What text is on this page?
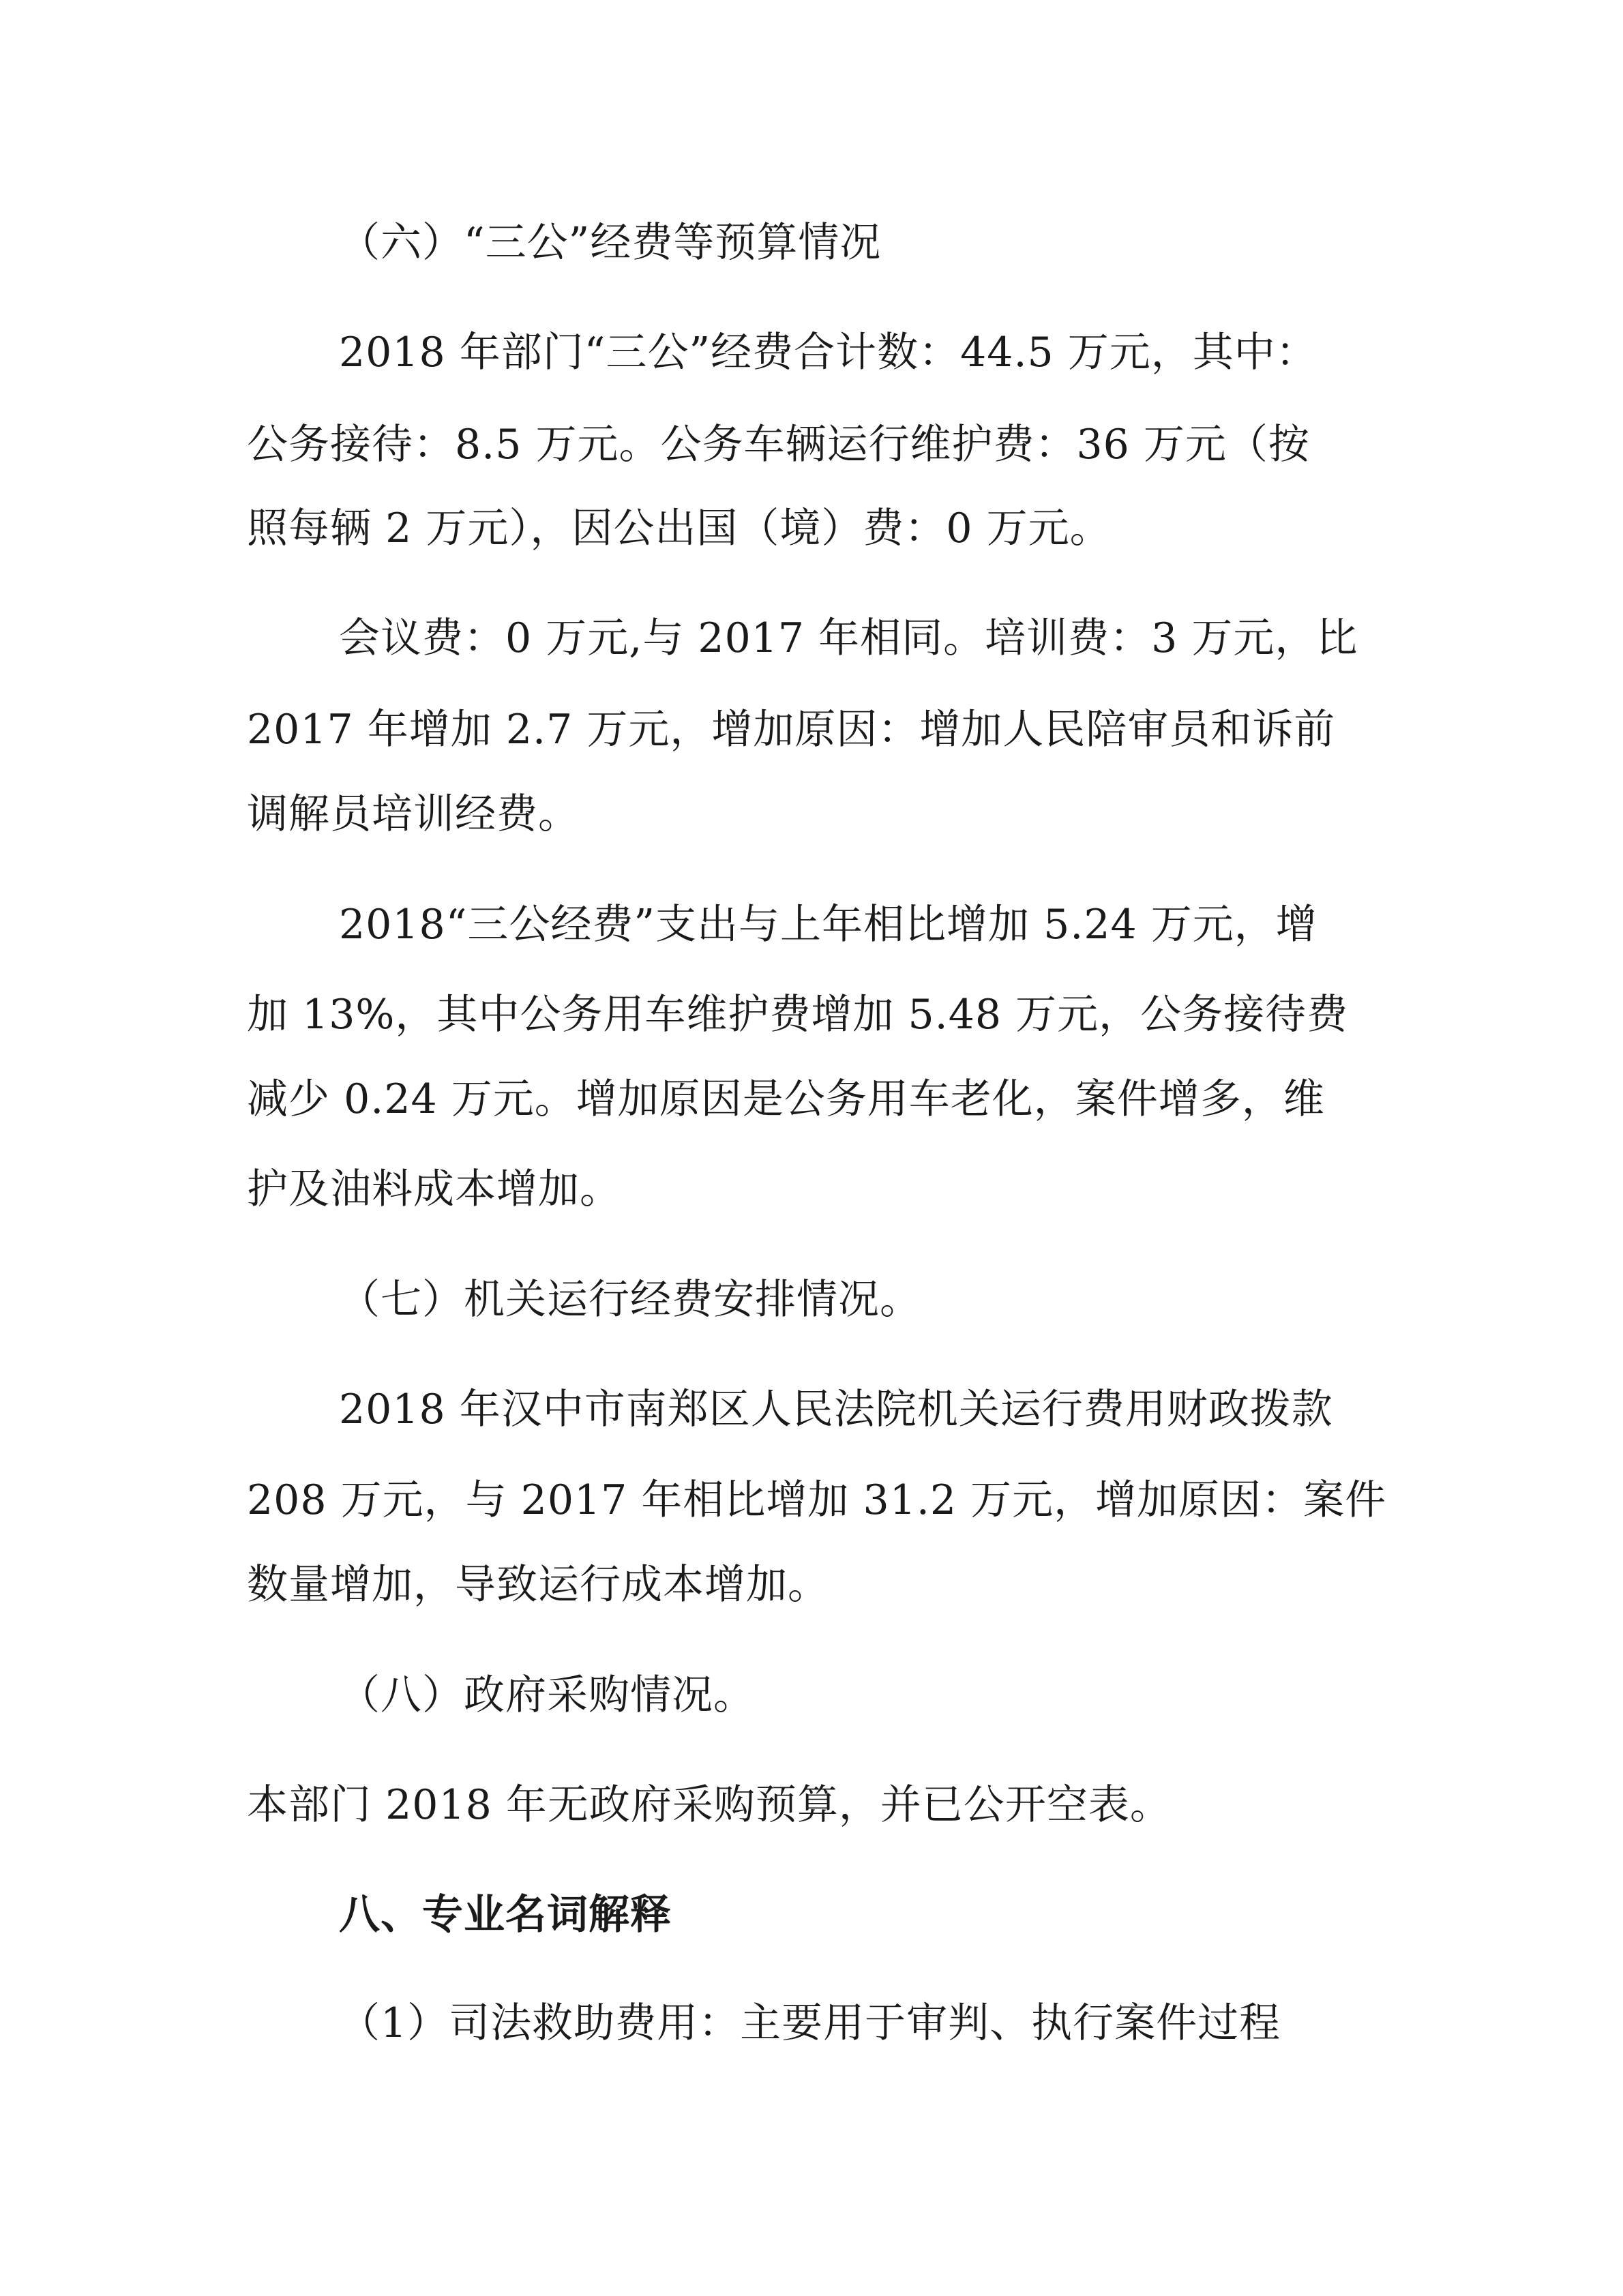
（六）“三公”经费等预算情况
2018 年部门“三公”经费合计数：44.5 万元，其中：
公务接待：8.5 万元。公务车辆运行维护费：36 万元（按
照每辆 2 万元），因公出国（境）费：0 万元。
会议费：0 万元,与 2017 年相同。培训费：3 万元，比
2017 年增加 2.7 万元，增加原因：增加人民陪审员和诉前
调解员培训经费。
2018“三公经费”支出与上年相比增加 5.24 万元，增
加 13%，其中公务用车维护费增加 5.48 万元，公务接待费
减少 0.24 万元。增加原因是公务用车老化，案件增多，维
护及油料成本增加。
（七）机关运行经费安排情况。
2018 年汉中市南郑区人民法院机关运行费用财政拨款
208 万元，与 2017 年相比增加 31.2 万元，增加原因：案件
数量增加，导致运行成本增加。
（八）政府采购情况。
本部门 2018 年无政府采购预算，并已公开空表。
八、专业名词解释
（1）司法救助费用：主要用于审判、执行案件过程
